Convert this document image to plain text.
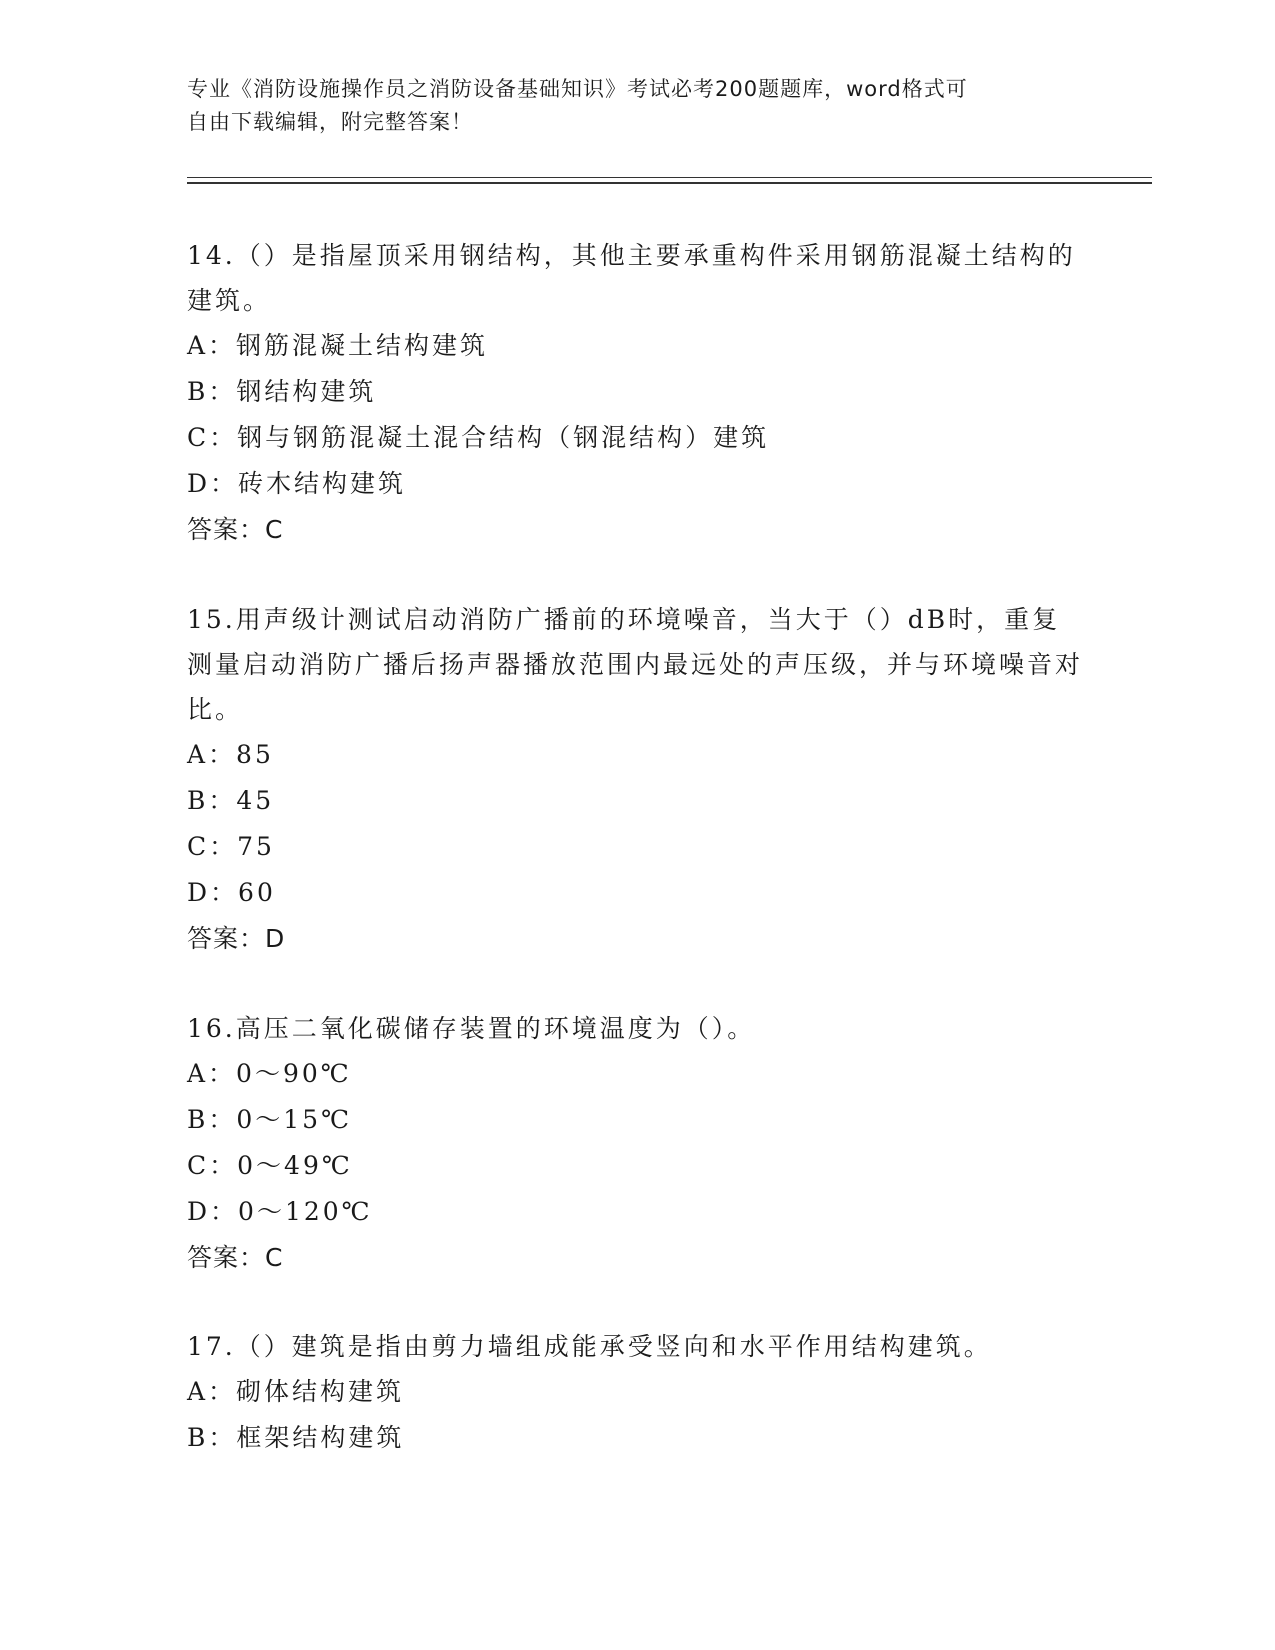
专业《消防设施操作员之消防设备基础知识》考试必考200题题库，word格式可
自由下载编辑，附完整答案！

14.（）是指屋顶采用钢结构，其他主要承重构件采用钢筋混凝土结构的建筑。

A：钢筋混凝土结构建筑

B：钢结构建筑

C：钢与钢筋混凝土混合结构（钢混结构）建筑

D：砖木结构建筑

答案：C

15.用声级计测试启动消防广播前的环境噪音，当大于（）dB时，重复测量启动消防广播后扬声器播放范围内最远处的声压级，并与环境噪音对比。

A：85

B：45

C：75

D：60

答案：D

16.高压二氧化碳储存装置的环境温度为（）。

A：0～90℃

B：0～15℃

C：0～49℃

D：0～120℃

答案：C

17.（）建筑是指由剪力墙组成能承受竖向和水平作用结构建筑。

A：砌体结构建筑

B：框架结构建筑
